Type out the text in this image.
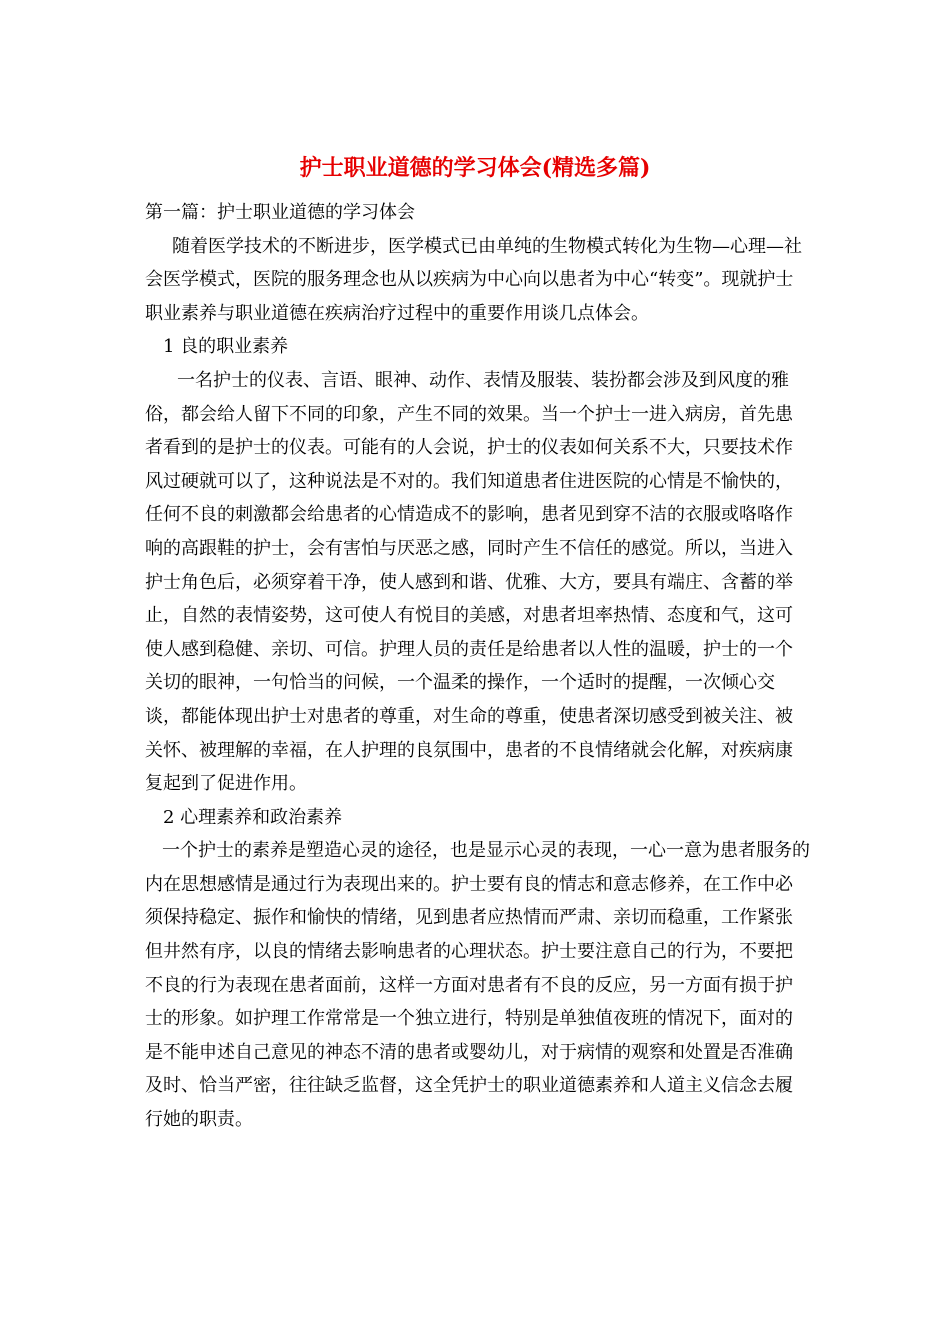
护士职业道德的学习体会(精选多篇)

第一篇：护士职业道德的学习体会

随着医学技术的不断进步，医学模式已由单纯的生物模式转化为生物—心理—社会医学模式，医院的服务理念也从以疾病为中心向以患者为中心“转变”。现就护士职业素养与职业道德在疾病治疗过程中的重要作用谈几点体会。

1 良的职业素养

一名护士的仪表、言语、眼神、动作、表情及服装、装扮都会涉及到风度的雅俗，都会给人留下不同的印象，产生不同的效果。当一个护士一进入病房，首先患者看到的是护士的仪表。可能有的人会说，护士的仪表如何关系不大，只要技术作风过硬就可以了，这种说法是不对的。我们知道患者住进医院的心情是不愉快的，任何不良的刺激都会给患者的心情造成不的影响，患者见到穿不洁的衣服或咯咯作响的高跟鞋的护士，会有害怕与厌恶之感，同时产生不信任的感觉。所以，当进入护士角色后，必须穿着干净，使人感到和谐、优雅、大方，要具有端庄、含蓄的举止，自然的表情姿势，这可使人有悦目的美感，对患者坦率热情、态度和气，这可使人感到稳健、亲切、可信。护理人员的责任是给患者以人性的温暖，护士的一个关切的眼神，一句恰当的问候，一个温柔的操作，一个适时的提醒，一次倾心交谈，都能体现出护士对患者的尊重，对生命的尊重，使患者深切感受到被关注、被关怀、被理解的幸福，在人护理的良氛围中，患者的不良情绪就会化解，对疾病康复起到了促进作用。

2 心理素养和政治素养

一个护士的素养是塑造心灵的途径，也是显示心灵的表现，一心一意为患者服务的内在思想感情是通过行为表现出来的。护士要有良的情志和意志修养，在工作中必须保持稳定、振作和愉快的情绪，见到患者应热情而严肃、亲切而稳重，工作紧张但井然有序，以良的情绪去影响患者的心理状态。护士要注意自己的行为，不要把不良的行为表现在患者面前，这样一方面对患者有不良的反应，另一方面有损于护士的形象。如护理工作常常是一个独立进行，特别是单独值夜班的情况下，面对的是不能申述自己意见的神态不清的患者或婴幼儿，对于病情的观察和处置是否准确及时、恰当严密，往往缺乏监督，这全凭护士的职业道德素养和人道主义信念去履行她的职责。
